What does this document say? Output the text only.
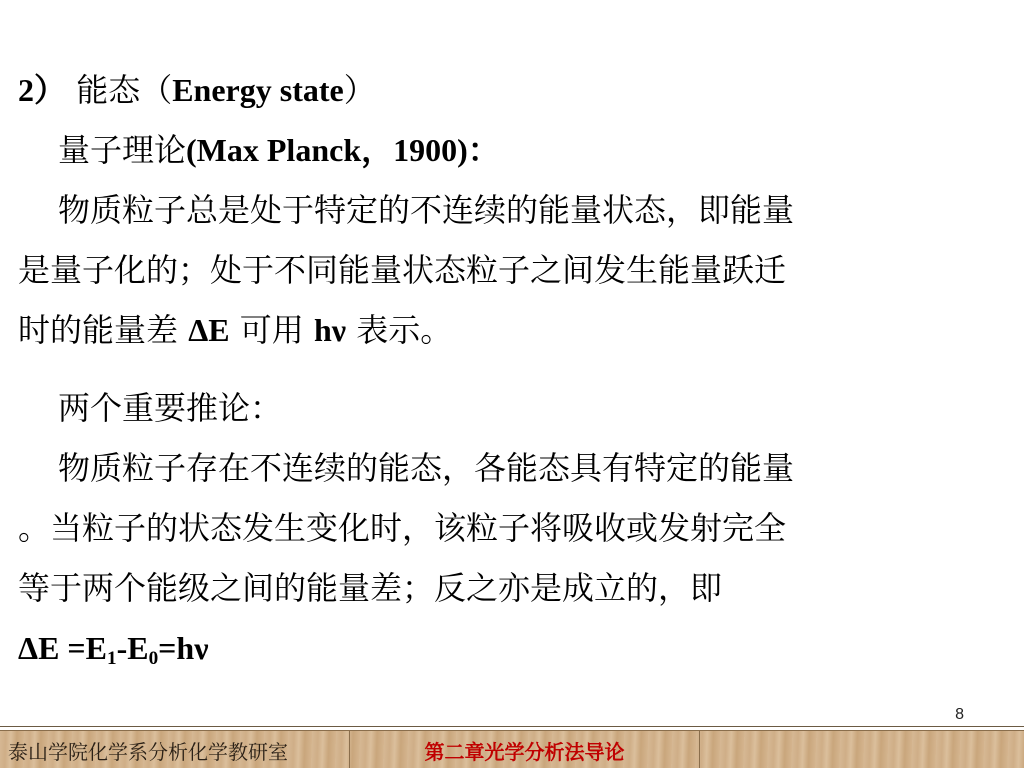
2） 能态（Energy state）
量子理论(Max Planck，1900)：
物质粒子总是处于特定的不连续的能量状态，即能量
是量子化的；处于不同能量状态粒子之间发生能量跃迁
时的能量差 ΔE 可用 hν 表示。
两个重要推论：
物质粒子存在不连续的能态，各能态具有特定的能量
。当粒子的状态发生变化时，该粒子将吸收或发射完全
等于两个能级之间的能量差；反之亦是成立的，即
$\Delta E =E_1-E_0=h\nu$
8
泰山学院化学系分析化学教研室	第二章光学分析法导论
